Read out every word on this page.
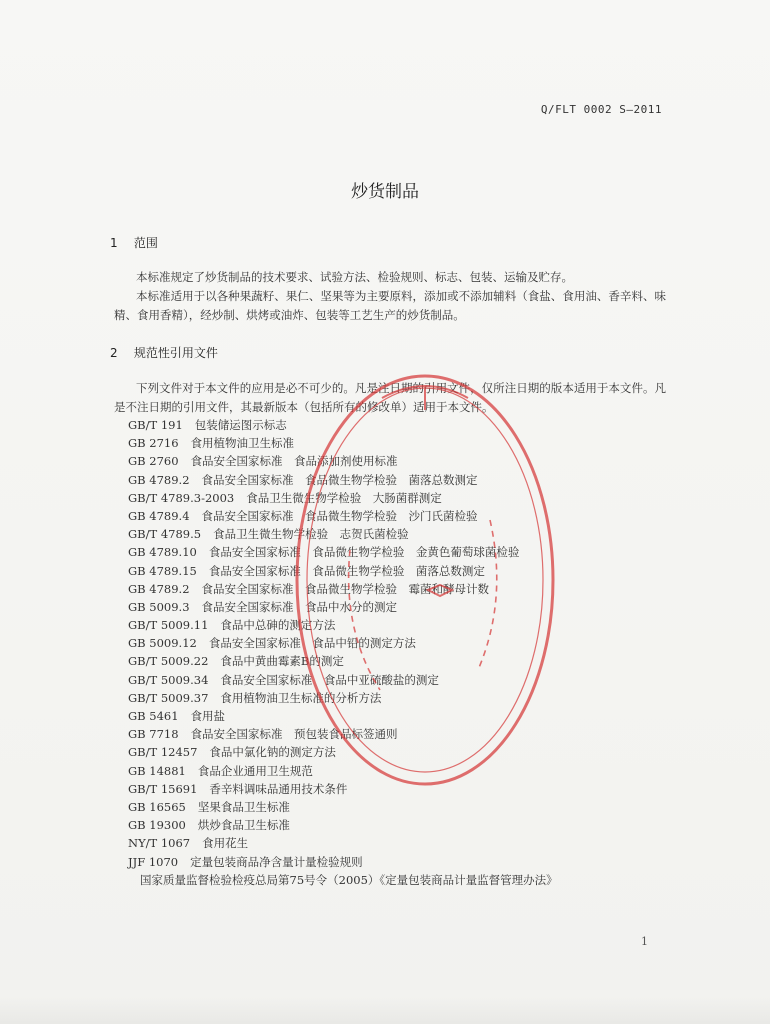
Q/FLT 0002 S—2011
炒货制品
1 范围
本标准规定了炒货制品的技术要求、试验方法、检验规则、标志、包装、运输及贮存。
本标准适用于以各种果蔬籽、果仁、坚果等为主要原料，添加或不添加辅料（食盐、食用油、香辛料、味精、食用香精），经炒制、烘烤或油炸、包装等工艺生产的炒货制品。
2 规范性引用文件
下列文件对于本文件的应用是必不可少的。凡是注日期的引用文件，仅所注日期的版本适用于本文件。凡是不注日期的引用文件，其最新版本（包括所有的修改单）适用于本文件。
GB/T 191 包装储运图示标志
GB 2716 食用植物油卫生标准
GB 2760 食品安全国家标准　食品添加剂使用标准
GB 4789.2 食品安全国家标准　食品微生物学检验　菌落总数测定
GB/T 4789.3-2003 食品卫生微生物学检验　大肠菌群测定
GB 4789.4 食品安全国家标准　食品微生物学检验　沙门氏菌检验
GB/T 4789.5 食品卫生微生物学检验　志贺氏菌检验
GB 4789.10 食品安全国家标准　食品微生物学检验　金黄色葡萄球菌检验
GB 4789.15 食品安全国家标准　食品微生物学检验　菌落总数测定
GB 4789.2 食品安全国家标准　食品微生物学检验　霉菌和酵母计数
GB 5009.3 食品安全国家标准　食品中水分的测定
GB/T 5009.11 食品中总砷的测定方法
GB 5009.12 食品安全国家标准　食品中铅的测定方法
GB/T 5009.22 食品中黄曲霉素B的测定
GB/T 5009.34 食品安全国家标准　食品中亚硫酸盐的测定
GB/T 5009.37 食用植物油卫生标准的分析方法
GB 5461 食用盐
GB 7718 食品安全国家标准　预包装食品标签通则
GB/T 12457 食品中氯化钠的测定方法
GB 14881 食品企业通用卫生规范
GB/T 15691 香辛料调味品通用技术条件
GB 16565 坚果食品卫生标准
GB 19300 烘炒食品卫生标准
NY/T 1067 食用花生
JJF 1070 定量包装商品净含量计量检验规则
国家质量监督检验检疫总局第75号令（2005）《定量包装商品计量监督管理办法》
1
